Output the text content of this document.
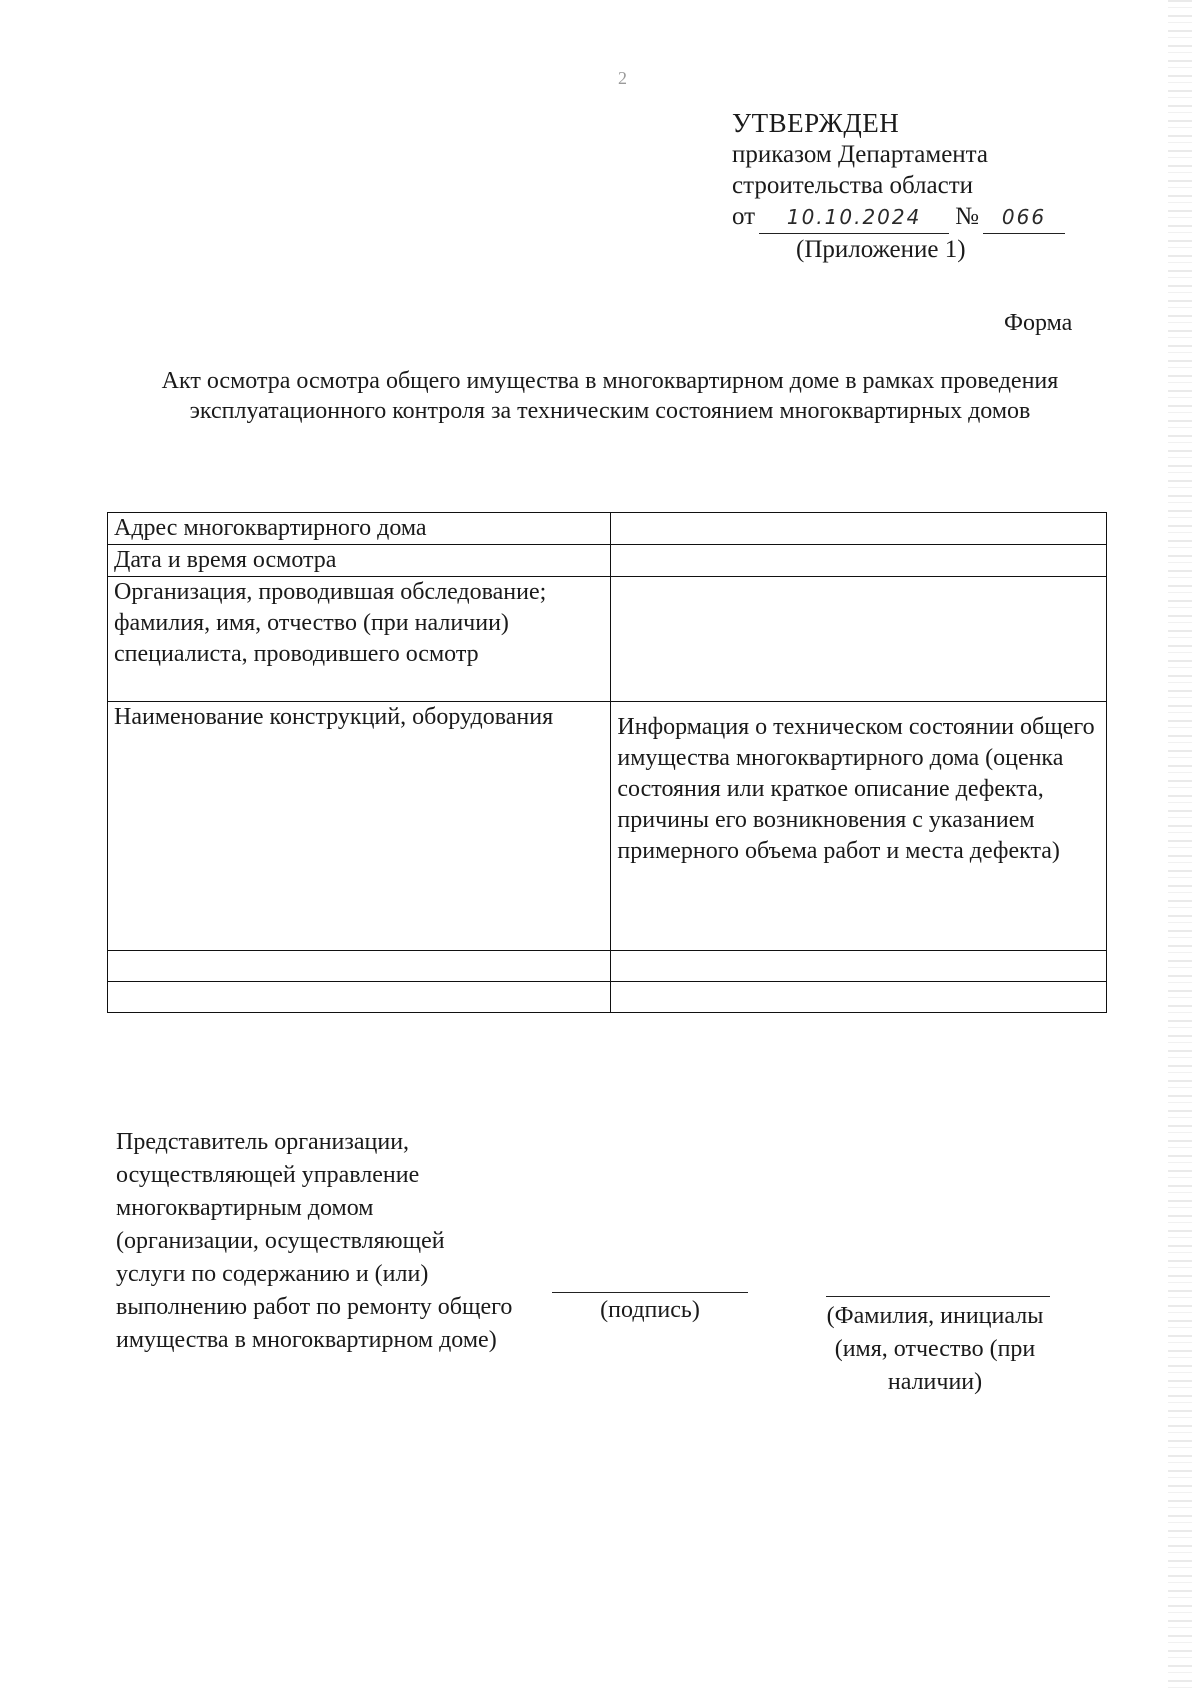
2
УТВЕРЖДЕН
приказом Департамента
строительства области
от 10.10.2024 № 066
(Приложение 1)
Форма
Акт осмотра осмотра общего имущества в многоквартирном доме в рамках проведения эксплуатационного контроля за техническим состоянием многоквартирных домов
Адрес многоквартирного дома	
Дата и время осмотра	
Организация, проводившая обследование; фамилия, имя, отчество (при наличии) специалиста, проводившего осмотр	
Наименование конструкций, оборудования	Информация о техническом состоянии общего имущества многоквартирного дома (оценка состояния или краткое описание дефекта, причины его возникновения с указанием примерного объема работ и места дефекта)

Представитель организации, осуществляющей управление многоквартирным домом (организации, осуществляющей услуги по содержанию и (или) выполнению работ по ремонту общего имущества в многоквартирном доме)
(подпись)	(Фамилия, инициалы (имя, отчество (при наличии)
